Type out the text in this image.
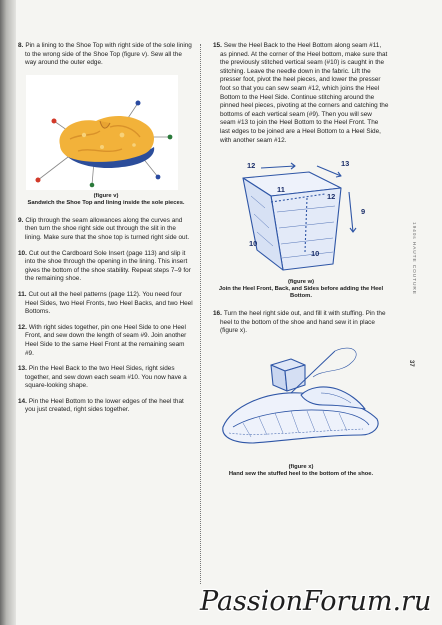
8. Pin a lining to the Shoe Top with right side of the sole lining to the wrong side of the Shoe Top (figure v). Sew all the way around the outer edge.
(figure v)
Sandwich the Shoe Top and lining inside the sole pieces.
9. Clip through the seam allowances along the curves and then turn the shoe right side out through the slit in the lining. Make sure that the shoe top is turned right side out.
10. Cut out the Cardboard Sole Insert (page 113) and slip it into the shoe through the opening in the lining. This insert gives the bottom of the shoe stability. Repeat steps 7–9 for the remaining shoe.
11. Cut out all the heel patterns (page 112). You need four Heel Sides, two Heel Fronts, two Heel Backs, and two Heel Bottoms.
12. With right sides together, pin one Heel Side to one Heel Front, and sew down the length of seam #9. Join another Heel Side to the same Heel Front at the remaining seam #9.
13. Pin the Heel Back to the two Heel Sides, right sides together, and sew down each seam #10. You now have a square-looking shape.
14. Pin the Heel Bottom to the lower edges of the heel that you just created, right sides together.
15. Sew the Heel Back to the Heel Bottom along seam #11, as pinned. At the corner of the Heel bottom, make sure that the previously stitched vertical seam (#10) is caught in the stitching. Leave the needle down in the fabric. Lift the presser foot, pivot the heel pieces, and lower the presser foot so that you can sew seam #12, which joins the Heel Bottom to the Heel Side. Continue stitching around the pinned heel pieces, pivoting at the corners and catching the bottoms of each vertical seam (#9). Then you will sew seam #13 to join the Heel Bottom to the Heel Front. The last edges to be joined are a Heel Bottom to a Heel Side, with another seam #12.
12	13
11
12
9
10
10
(figure w)
Join the Heel Front, Back, and Sides before adding the Heel Bottom.
16. Turn the heel right side out, and fill it with stuffing. Pin the heel to the bottom of the shoe and hand sew it in place (figure x).
(figure x)
Hand sew the stuffed heel to the bottom of the shoe.
1940s HAUTE COUTURE
37
PassionForum.ru
